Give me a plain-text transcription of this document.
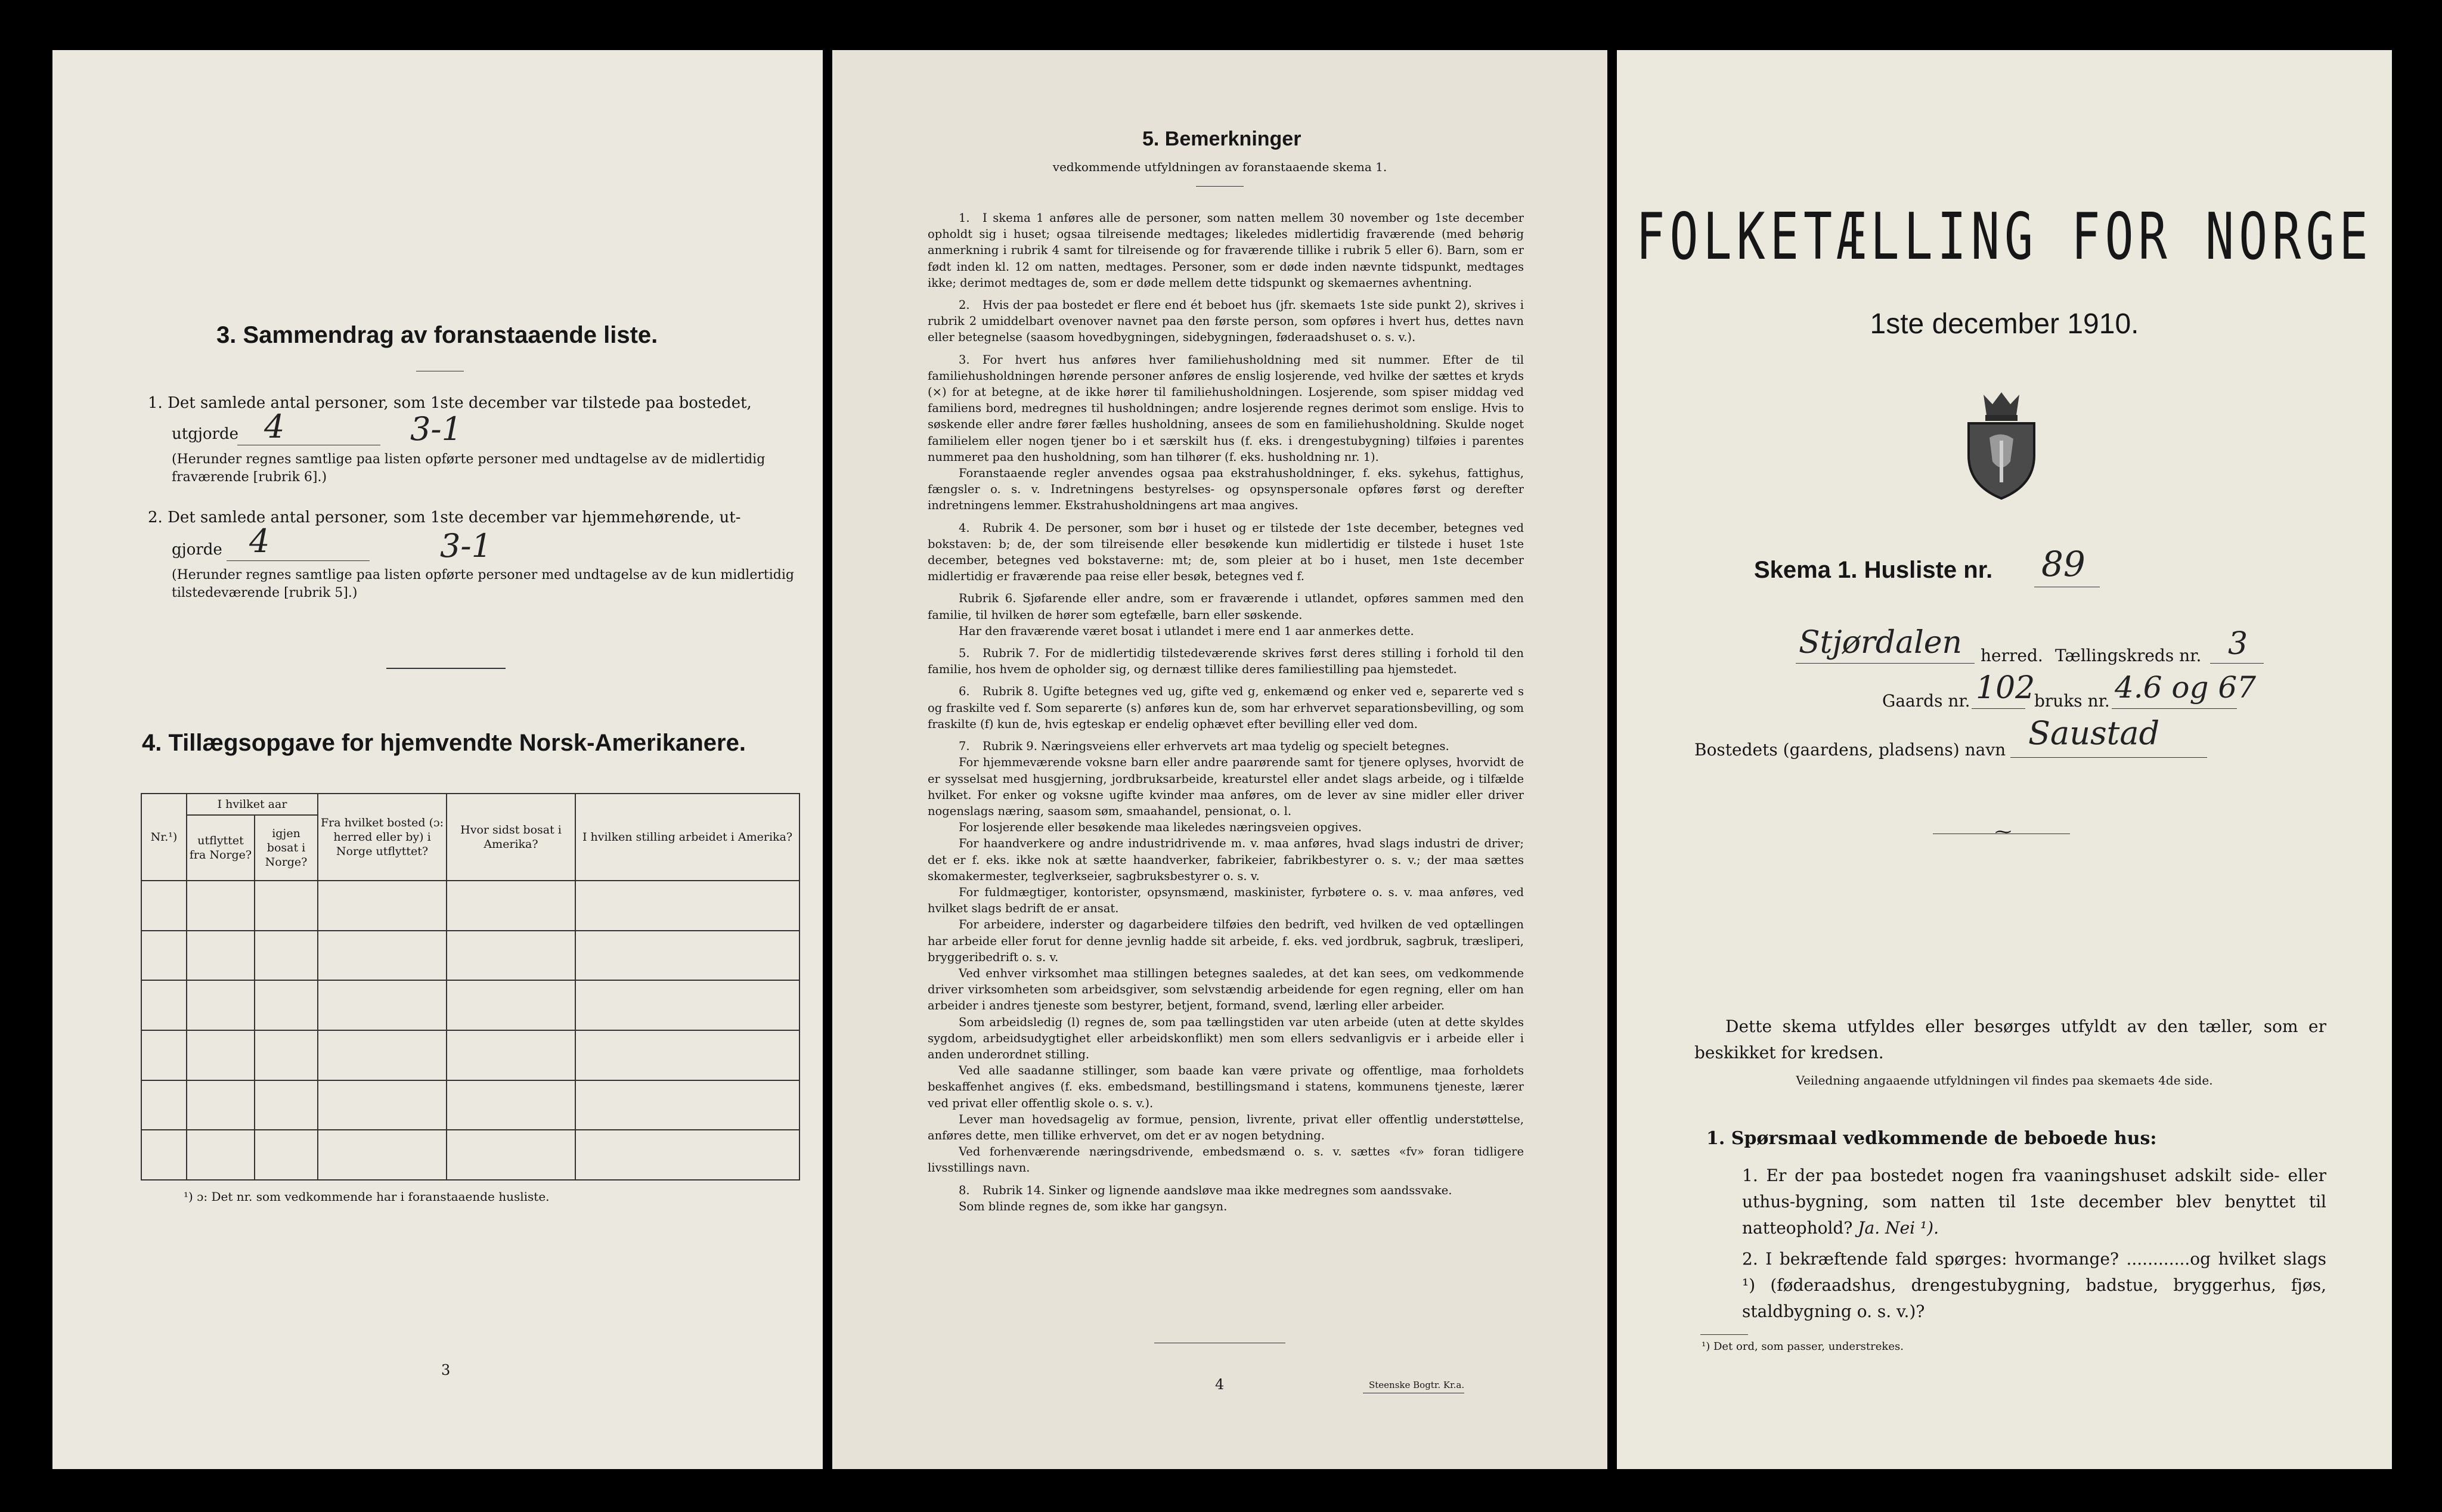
3. Sammendrag av foranstaaende liste.
1. Det samlede antal personer, som 1ste december var tilstede paa bostedet,
utgjorde 4	3-1
(Herunder regnes samtlige paa listen opførte personer med undtagelse av de midlertidig fraværende [rubrik 6].)
2. Det samlede antal personer, som 1ste december var hjemmehørende, ut-
gjorde 4	3-1
(Herunder regnes samtlige paa listen opførte personer med undtagelse av de kun midlertidig tilstedeværende [rubrik 5].)
4. Tillægsopgave for hjemvendte Norsk-Amerikanere.
Nr.¹)	I hvilket aar		Fra hvilket bosted (ɔ: herred eller by) i Norge utflyttet?	Hvor sidst bosat i Amerika?	I hvilken stilling arbeidet i Amerika?
	utflyttet fra Norge?	igjen bosat i Norge?			

¹) ɔ: Det nr. som vedkommende har i foranstaaende husliste.
3
5. Bemerkninger
vedkommende utfyldningen av foranstaaende skema 1.

1. I skema 1 anføres alle de personer, som natten mellem 30 november og 1ste december opholdt sig i huset; ogsaa tilreisende medtages; likeledes midlertidig fraværende (med behørig anmerkning i rubrik 4 samt for tilreisende og for fraværende tillike i rubrik 5 eller 6). Barn, som er født inden kl. 12 om natten, medtages. Personer, som er døde inden nævnte tidspunkt, medtages ikke; derimot medtages de, som er døde mellem dette tidspunkt og skemaernes avhentning.

2. Hvis der paa bostedet er flere end ét beboet hus (jfr. skemaets 1ste side punkt 2), skrives i rubrik 2 umiddelbart ovenover navnet paa den første person, som opføres i hvert hus, dettes navn eller betegnelse (saasom hovedbygningen, sidebygningen, føderaadshuset o. s. v.).

3. For hvert hus anføres hver familiehusholdning med sit nummer. Efter de til familiehusholdningen hørende personer anføres de enslig losjerende, ved hvilke der sættes et kryds (×) for at betegne, at de ikke hører til familiehusholdningen. Losjerende, som spiser middag ved familiens bord, medregnes til husholdningen; andre losjerende regnes derimot som enslige. Hvis to søskende eller andre fører fælles husholdning, ansees de som en familiehusholdning. Skulde noget familielem eller nogen tjener bo i et særskilt hus (f. eks. i drengestubygning) tilføies i parentes nummeret paa den husholdning, som han tilhører (f. eks. husholdning nr. 1).

Foranstaaende regler anvendes ogsaa paa ekstrahusholdninger, f. eks. sykehus, fattighus, fængsler o. s. v. Indretningens bestyrelses- og opsynspersonale opføres først og derefter indretningens lemmer. Ekstrahusholdningens art maa angives.

4. Rubrik 4. De personer, som bør i huset og er tilstede der 1ste december, betegnes ved bokstaven: b; de, der som tilreisende eller besøkende kun midlertidig er tilstede i huset 1ste december, betegnes ved bokstaverne: mt; de, som pleier at bo i huset, men 1ste december midlertidig er fraværende paa reise eller besøk, betegnes ved f.

Rubrik 6. Sjøfarende eller andre, som er fraværende i utlandet, opføres sammen med den familie, til hvilken de hører som egtefælle, barn eller søskende.

Har den fraværende været bosat i utlandet i mere end 1 aar anmerkes dette.

5. Rubrik 7. For de midlertidig tilstedeværende skrives først deres stilling i forhold til den familie, hos hvem de opholder sig, og dernæst tillike deres familiestilling paa hjemstedet.

6. Rubrik 8. Ugifte betegnes ved ug, gifte ved g, enkemænd og enker ved e, separerte ved s og fraskilte ved f. Som separerte (s) anføres kun de, som har erhvervet separationsbevilling, og som fraskilte (f) kun de, hvis egteskap er endelig ophævet efter bevilling eller ved dom.

7. Rubrik 9. Næringsveiens eller erhvervets art maa tydelig og specielt betegnes.

For hjemmeværende voksne barn eller andre paarørende samt for tjenere oplyses, hvorvidt de er sysselsat med husgjerning, jordbruksarbeide, kreaturstel eller andet slags arbeide, og i tilfælde hvilket. For enker og voksne ugifte kvinder maa anføres, om de lever av sine midler eller driver nogenslags næring, saasom søm, smaahandel, pensionat, o. l.

For losjerende eller besøkende maa likeledes næringsveien opgives.

For haandverkere og andre industridrivende m. v. maa anføres, hvad slags industri de driver; det er f. eks. ikke nok at sætte haandverker, fabrikeier, fabrikbestyrer o. s. v.; der maa sættes skomakermester, teglverkseier, sagbruksbestyrer o. s. v.

For fuldmægtiger, kontorister, opsynsmænd, maskinister, fyrbøtere o. s. v. maa anføres, ved hvilket slags bedrift de er ansat.

For arbeidere, inderster og dagarbeidere tilføies den bedrift, ved hvilken de ved optællingen har arbeide eller forut for denne jevnlig hadde sit arbeide, f. eks. ved jordbruk, sagbruk, træsliperi, bryggeribedrift o. s. v.

Ved enhver virksomhet maa stillingen betegnes saaledes, at det kan sees, om vedkommende driver virksomheten som arbeidsgiver, som selvstændig arbeidende for egen regning, eller om han arbeider i andres tjeneste som bestyrer, betjent, formand, svend, lærling eller arbeider.

Som arbeidsledig (l) regnes de, som paa tællingstiden var uten arbeide (uten at dette skyldes sygdom, arbeidsudygtighet eller arbeidskonflikt) men som ellers sedvanligvis er i arbeide eller i anden underordnet stilling.

Ved alle saadanne stillinger, som baade kan være private og offentlige, maa forholdets beskaffenhet angives (f. eks. embedsmand, bestillingsmand i statens, kommunens tjeneste, lærer ved privat eller offentlig skole o. s. v.).

Lever man hovedsagelig av formue, pension, livrente, privat eller offentlig understøttelse, anføres dette, men tillike erhvervet, om det er av nogen betydning.

Ved forhenværende næringsdrivende, embedsmænd o. s. v. sættes «fv» foran tidligere livsstillings navn.

8. Rubrik 14. Sinker og lignende aandsløve maa ikke medregnes som aandssvake.

Som blinde regnes de, som ikke har gangsyn.

4	Steenske Bogtr. Kr.a.
FOLKETÆLLING FOR NORGE
1ste december 1910.
Skema 1. Husliste nr. 89
Stjørdalen herred. Tællingskreds nr. 3
Gaards nr. 102
bruks nr. 4.6 og 67
Bostedets (gaardens, pladsens) navn Saustad
⁓
Dette skema utfyldes eller besørges utfyldt av den tæller, som er beskikket for kredsen.
Veiledning angaaende utfyldningen vil findes paa skemaets 4de side.
1. Spørsmaal vedkommende de beboede hus:
1. Er der paa bostedet nogen fra vaaningshuset adskilt side- eller uthus-bygning, som natten til 1ste december blev benyttet til natteophold? Ja. Nei ¹).
2. I bekræftende fald spørges: hvormange? ............og hvilket slags ¹) (føderaadshus, drengestubygning, badstue, bryggerhus, fjøs, staldbygning o. s. v.)?
¹) Det ord, som passer, understrekes.
